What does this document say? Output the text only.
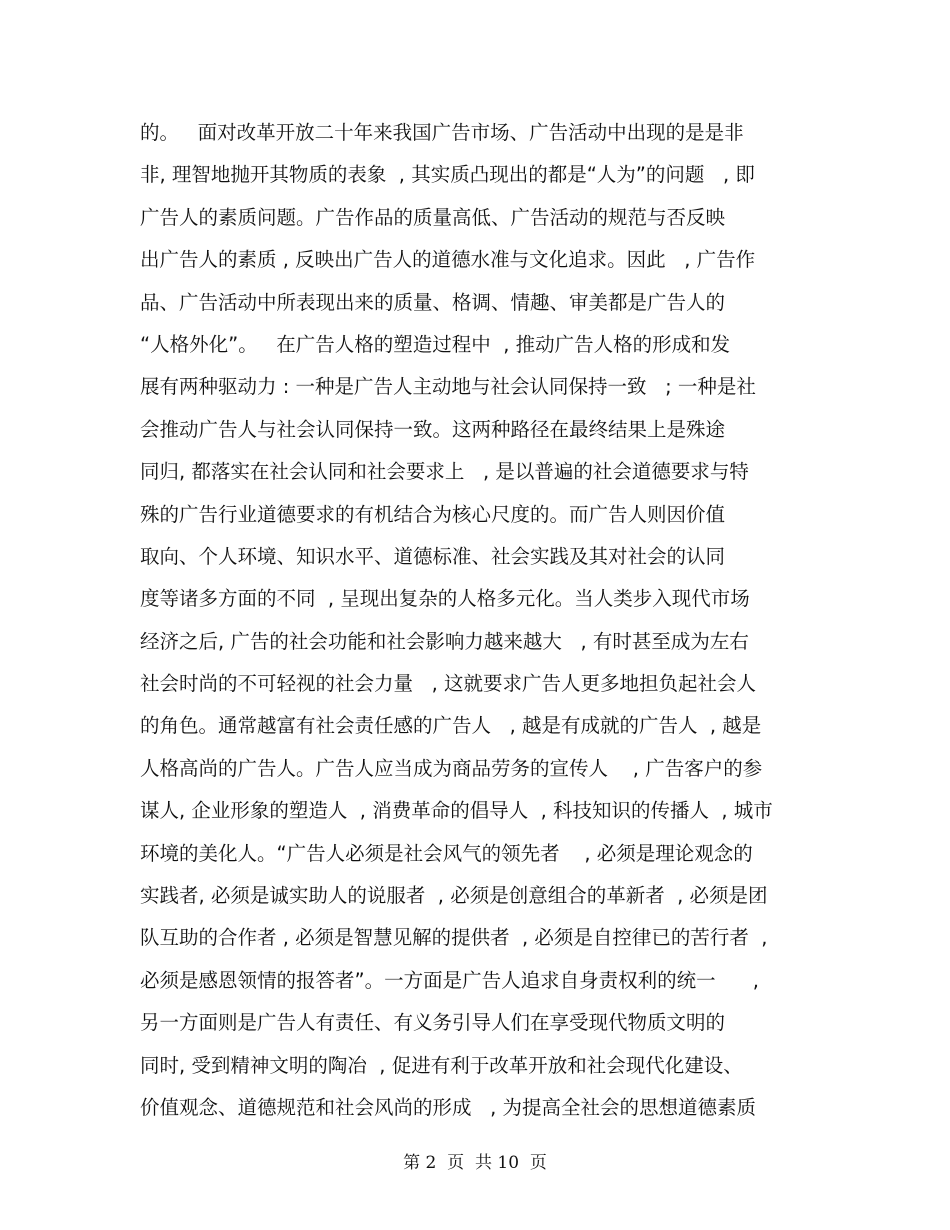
的。   面对改革开放二十年来我国广告市场、广告活动中出现的是是非
非, 理智地抛开其物质的表象  , 其实质凸现出的都是“人为”的问题   , 即
广告人的素质问题。广告作品的质量高低、广告活动的规范与否反映
出广告人的素质 , 反映出广告人的道德水准与文化追求。因此   , 广告作
品、广告活动中所表现出来的质量、格调、情趣、审美都是广告人的
“人格外化”。   在广告人格的塑造过程中  , 推动广告人格的形成和发
展有两种驱动力 : 一种是广告人主动地与社会认同保持一致   ; 一种是社
会推动广告人与社会认同保持一致。这两种路径在最终结果上是殊途
同归, 都落实在社会认同和社会要求上   , 是以普遍的社会道德要求与特
殊的广告行业道德要求的有机结合为核心尺度的。而广告人则因价值
取向、个人环境、知识水平、道德标准、社会实践及其对社会的认同
度等诸多方面的不同  , 呈现出复杂的人格多元化。当人类步入现代市场
经济之后, 广告的社会功能和社会影响力越来越大   , 有时甚至成为左右
社会时尚的不可轻视的社会力量   , 这就要求广告人更多地担负起社会人
的角色。通常越富有社会责任感的广告人   , 越是有成就的广告人  , 越是
人格高尚的广告人。广告人应当成为商品劳务的宣传人    , 广告客户的参
谋人, 企业形象的塑造人  , 消费革命的倡导人  , 科技知识的传播人  , 城市
环境的美化人。“广告人必须是社会风气的领先者    , 必须是理论观念的
实践者, 必须是诚实助人的说服者  , 必须是创意组合的革新者  , 必须是团
队互助的合作者 , 必须是智慧见解的提供者  , 必须是自控律已的苦行者  ,
必须是感恩领情的报答者”。一方面是广告人追求自身责权利的统一      ,
另一方面则是广告人有责任、有义务引导人们在享受现代物质文明的
同时, 受到精神文明的陶冶  , 促进有利于改革开放和社会现代化建设、
价值观念、道德规范和社会风尚的形成   , 为提高全社会的思想道德素质
第 2  页  共 10  页
